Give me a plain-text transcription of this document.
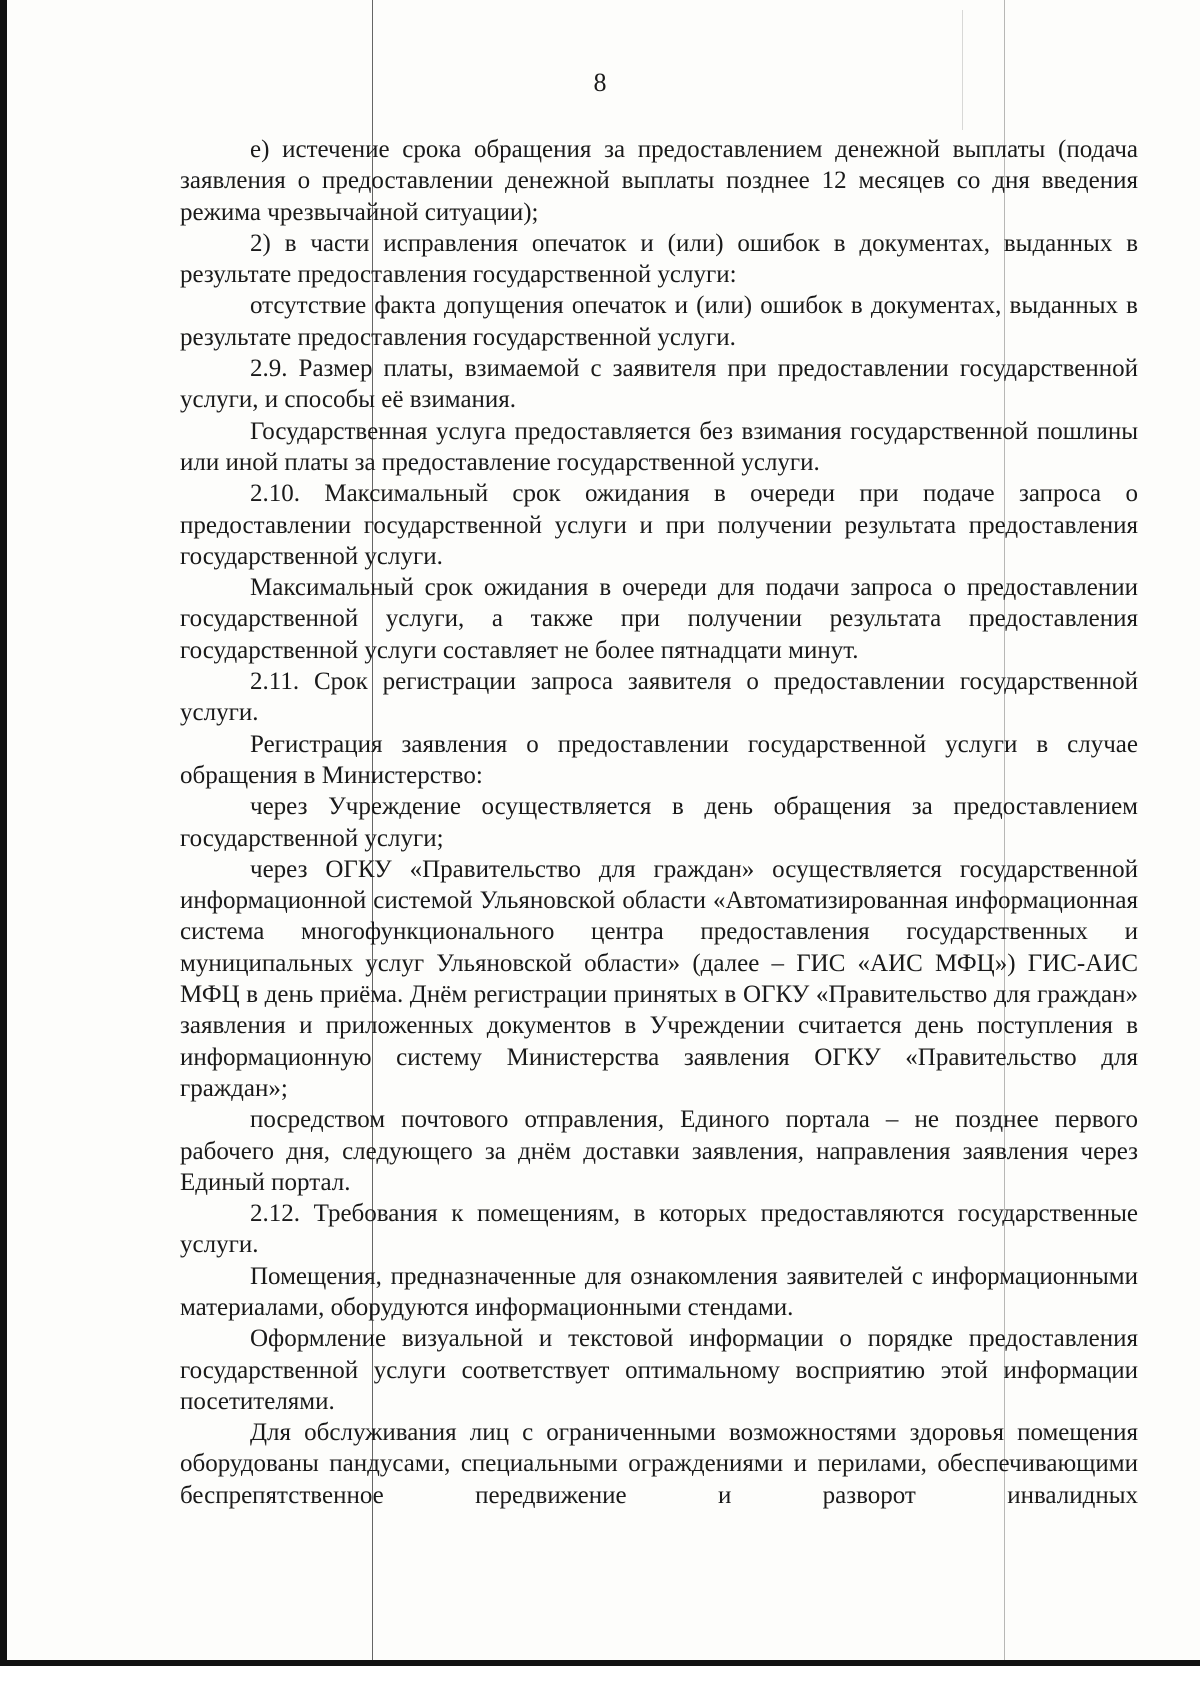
8

е) истечение срока обращения за предоставлением денежной выплаты (подача заявления о предоставлении денежной выплаты позднее 12 месяцев со дня введения режима чрезвычайной ситуации);

2) в части исправления опечаток и (или) ошибок в документах, выданных в результате предоставления государственной услуги:

отсутствие факта допущения опечаток и (или) ошибок в документах, выданных в результате предоставления государственной услуги.

2.9. Размер платы, взимаемой с заявителя при предоставлении государственной услуги, и способы её взимания.

Государственная услуга предоставляется без взимания государственной пошлины или иной платы за предоставление государственной услуги.

2.10. Максимальный срок ожидания в очереди при подаче запроса о предоставлении государственной услуги и при получении результата предоставления государственной услуги.

Максимальный срок ожидания в очереди для подачи запроса о предоставлении государственной услуги, а также при получении результата предоставления государственной услуги составляет не более пятнадцати минут.

2.11. Срок регистрации запроса заявителя о предоставлении государственной услуги.

Регистрация заявления о предоставлении государственной услуги в случае обращения в Министерство:

через Учреждение осуществляется в день обращения за предоставлением государственной услуги;

через ОГКУ «Правительство для граждан» осуществляется государственной информационной системой Ульяновской области «Автоматизированная информационная система многофункционального центра предоставления государственных и муниципальных услуг Ульяновской области» (далее – ГИС «АИС МФЦ») ГИС-АИС МФЦ в день приёма. Днём регистрации принятых в ОГКУ «Правительство для граждан» заявления и приложенных документов в Учреждении считается день поступления в информационную систему Министерства заявления ОГКУ «Правительство для граждан»;

посредством почтового отправления, Единого портала – не позднее первого рабочего дня, следующего за днём доставки заявления, направления заявления через Единый портал.

2.12. Требования к помещениям, в которых предоставляются государственные услуги.

Помещения, предназначенные для ознакомления заявителей с информационными материалами, оборудуются информационными стендами.

Оформление визуальной и текстовой информации о порядке предоставления государственной услуги соответствует оптимальному восприятию этой информации посетителями.

Для обслуживания лиц с ограниченными возможностями здоровья помещения оборудованы пандусами, специальными ограждениями и перилами, обеспечивающими беспрепятственное передвижение и разворот инвалидных
